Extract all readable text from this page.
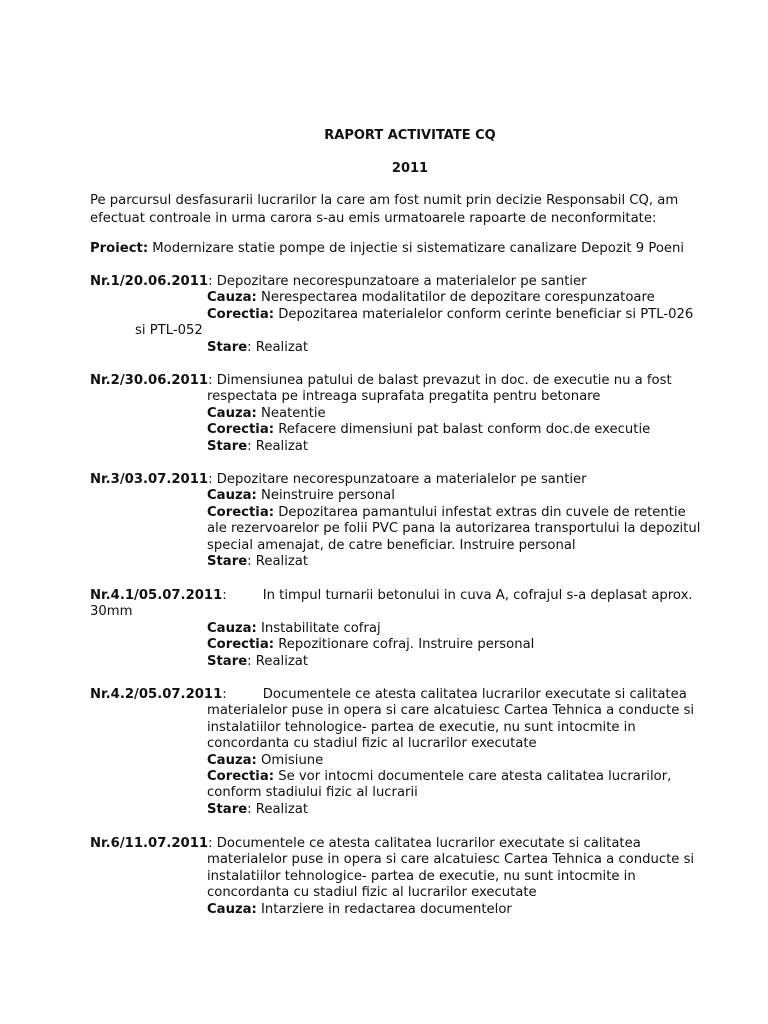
RAPORT ACTIVITATE CQ
2011
Pe parcursul desfasurarii lucrarilor la care am fost numit prin decizie Responsabil CQ, am efectuat controale in urma carora s-au emis urmatoarele rapoarte de neconformitate:
Proiect: Modernizare statie pompe de injectie si sistematizare canalizare Depozit 9 Poeni
Nr.1/20.06.2011: Depozitare necorespunzatoare a materialelor pe santier
Cauza: Nerespectarea modalitatilor de depozitare corespunzatoare
Corectia: Depozitarea materialelor conform cerinte beneficiar si PTL-026
si PTL-052
Stare: Realizat
Nr.2/30.06.2011: Dimensiunea patului de balast prevazut in doc. de executie nu a fost
respectata pe intreaga suprafata pregatita pentru betonare
Cauza: Neatentie
Corectia: Refacere dimensiuni pat balast conform doc.de executie
Stare: Realizat
Nr.3/03.07.2011: Depozitare necorespunzatoare a materialelor pe santier
Cauza: Neinstruire personal
Corectia: Depozitarea pamantului infestat extras din cuvele de retentie
ale rezervoarelor pe folii PVC pana la autorizarea transportului la depozitul
special amenajat, de catre beneficiar. Instruire personal
Stare: Realizat
Nr.4.1/05.07.2011:	In timpul turnarii betonului in cuva A, cofrajul s-a deplasat aprox.
30mm
Cauza: Instabilitate cofraj
Corectia: Repozitionare cofraj. Instruire personal
Stare: Realizat
Nr.4.2/05.07.2011:	Documentele ce atesta calitatea lucrarilor executate si calitatea
materialelor puse in opera si care alcatuiesc Cartea Tehnica a conducte si
instalatiilor tehnologice- partea de executie, nu sunt intocmite in
concordanta cu stadiul fizic al lucrarilor executate
Cauza: Omisiune
Corectia: Se vor intocmi documentele care atesta calitatea lucrarilor,
conform stadiului fizic al lucrarii
Stare: Realizat
Nr.6/11.07.2011: Documentele ce atesta calitatea lucrarilor executate si calitatea
materialelor puse in opera si care alcatuiesc Cartea Tehnica a conducte si
instalatiilor tehnologice- partea de executie, nu sunt intocmite in
concordanta cu stadiul fizic al lucrarilor executate
Cauza: Intarziere in redactarea documentelor
